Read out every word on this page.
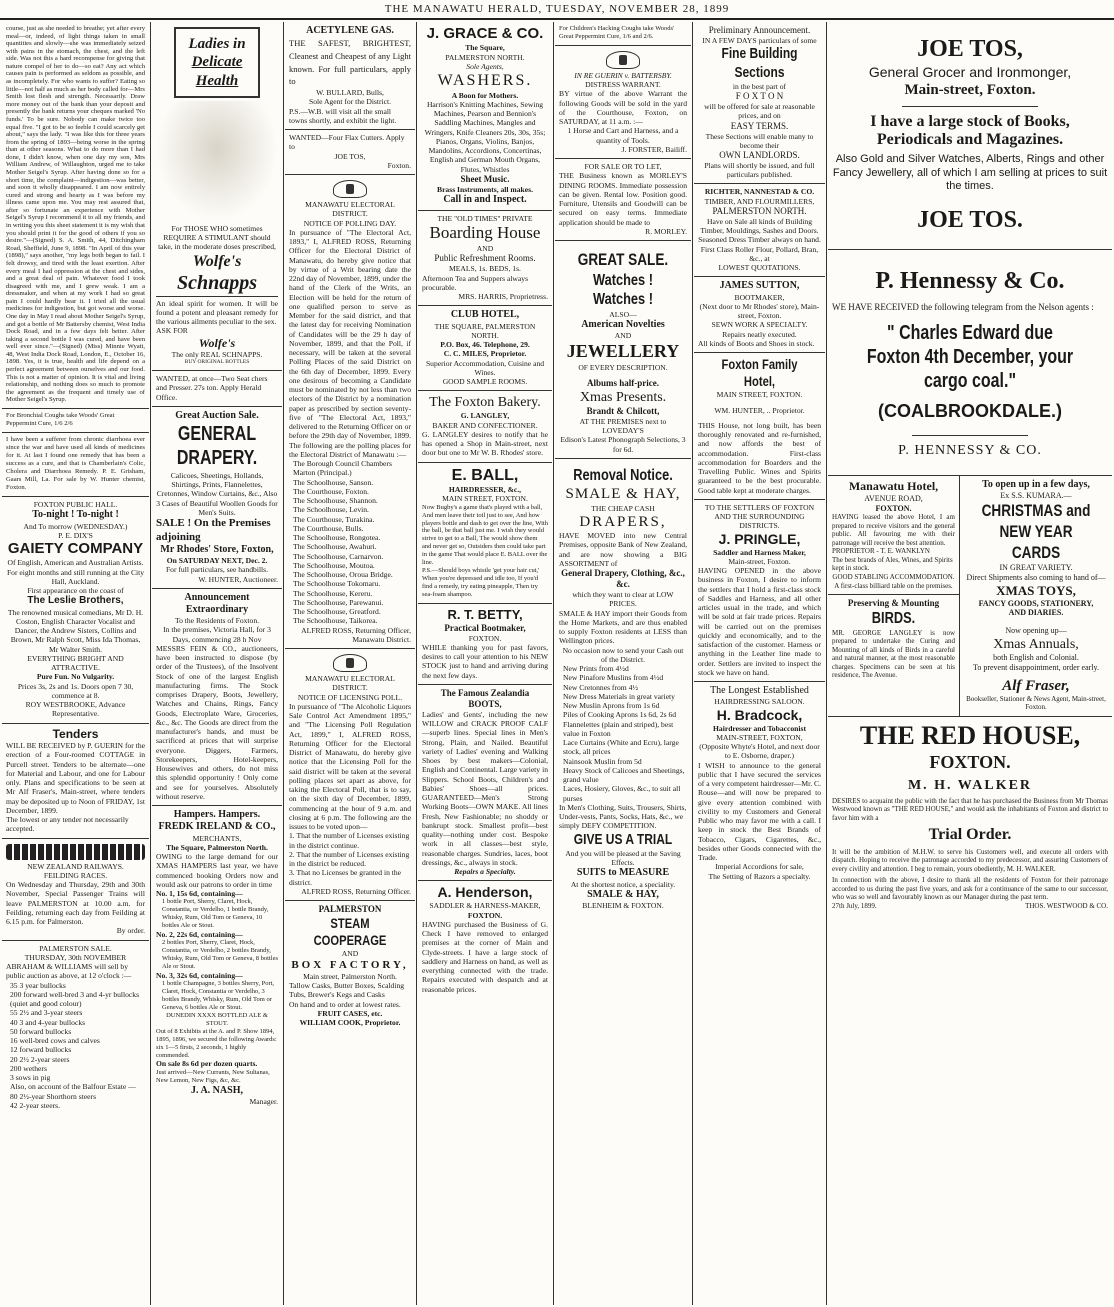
THE MANAWATU HERALD, TUESDAY, NOVEMBER 28, 1899
course, just as she needed to breathe; yet after every meal—or, indeed, of light things taken in small quantities and slowly—she was immediately seized with pains in the stomach, the chest, and the left side. Was not this a hard recompense for giving that nature compel of her to do—so eat? Any act which causes pain is performed as seldom as possible, and as incompletely. For who wants to suffer? Eating so little—not half as much as her body called for—Mrs Smith lost flesh and strength. Necessarily. Draw more money out of the bank than your deposit and presently the bank returns your cheques marked 'No funds.' To be sure. Nobody can make twice too equal five. "I got to be so feeble I could scarcely get about," says the lady. "I was like this for three years from the spring of 1893—being worse in the spring than at other seasons. What to do more than I had done, I didn't know, when one day my son, Mrs William Andrew, of Willaughton, urged me to take Mother Seigel's Syrup. After having done so for a short time, the complaint—indigestion—was better, and soon it wholly disappeared. I am now entirely cured and strong and hearty as I was before my illness came upon me. You may rest assured that, after so fortunate an experience with Mother Seigel's Syrup I recommend it to all my friends, and in writing you this sheet statement it is my wish that you should print it for the good of others if you so desire."—(Signed) S. A. Smith, 44, Ditchingham Road, Sheffield, June 9, 1898. "In April of this year (1898)," says another, "my legs both began to fail. I felt drowsy, and tired with the least exertion. After every meal I had oppression at the chest and sides, and a great deal of pain. Whatever food I took disagreed with me, and I grew weak. I am a dressmaker, and when at my work I had so great pain I could hardly bear it. I tried all the usual medicines for indigestion, but got worse and worse. One day in May I read about Mother Seigel's Syrup, and got a bottle of Mr Battersby chemist, West India Dock Road, and in a few days felt better. After taking a second bottle I was cured, and have been well ever since."—(Signed) (Miss) Minnie Wyatt, 48, West India Dock Road, London, E., October 16, 1898. Yes, it is true, health and life depend on a perfect agreement between ourselves and our food. This is not a matter of opinion. It is vital and living relationship, and nothing does so much to promote the agreement as the frequent and timely use of Mother Seigel's Syrup.
For Bronchial Coughs take Woods' Great Peppermint Cure, 1/6 2/6
I have been a sufferer from chronic diarrhoea ever since the war and have used all kinds of medicines for it. At last I found one remedy that has been a success as a cure, and that is Chamberlain's Colic, Cholera and Diarrhoea Remedy. P. E. Grisham, Gaars Mill, La. For sale by W. Hunter chemist, Foxton.
FOXTON PUBLIC HALL.
To-night ! To-night !
And To morrow (WEDNESDAY.)
P. E. DIX'S
GAIETY COMPANY
Of English, American and Australian Artists.
For eight months and still running at the City Hall, Auckland.
First appearance on the coast of
The Leslie Brothers,
The renowned musical comedians, Mr D. H. Coston, English Character Vocalist and Dancer, the Andrew Sisters, Collins and Brown, Mr Ralph Scott, Miss Ida Thomas, Mr Walter Smith.
EVERYTHING BRIGHT AND ATTRACTIVE.
Pure Fun. No Vulgarity.
Prices 3s, 2s and 1s. Doors open 7 30, commence at 8.
ROY WESTBROOKE, Advance Representative.
Tenders
WILL BE RECEIVED by P. GUERIN for the erection of a Four-roomed COTTAGE in Purcell street. Tenders to be alternate—one for Material and Labour, and one for Labour only. Plans and specifications to be seen at Mr Alf Fraser's, Main-street, where tenders may be deposited up to Noon of FRIDAY, 1st December, 1899.
The lowest or any tender not necessarily accepted.
NEW ZEALAND RAILWAYS.
FEILDING RACES.
On Wednesday and Thursday, 29th and 30th November, Special Passenger Trains will leave PALMERSTON at 10.00 a.m. for Feilding, returning each day from Feilding at 6.15 p.m. for Palmerston.
By order.
PALMERSTON SALE.
THURSDAY, 30th NOVEMBER
ABRAHAM & WILLIAMS will sell by public auction as above, at 12 o'clock :—
35 3 year bullocks
200 forward well-bred 3 and 4-yr bullocks (quiet and good colour)
55 2½ and 3-year steers
40 3 and 4-year bullocks
50 forward bullocks
16 well-bred cows and calves
12 forward bullocks
20 2½ 2-year steers
200 wethers
3 sows in pig
Also, on account of the Balfour Estate —
80 2½-year Shorthorn steers
42 2-year steers.
Ladies in
Delicate Health
For THOSE WHO sometimes REQUIRE A STIMULANT should take, in the moderate doses prescribed,
Wolfe's
Schnapps
An ideal spirit for women. It will be found a potent and pleasant remedy for the various ailments peculiar to the sex.
ASK FOR
Wolfe's
The only REAL SCHNAPPS.
BUY ORIGINAL BOTTLES
WANTED, at once—Two Seat chers and Presser. 27s ton. Apply Herald Office.
Great Auction Sale.
GENERAL DRAPERY.
Calicoes, Sheetings, Hollands, Shirtings, Prints, Flannelettes, Cretonnes, Window Curtains, &c., Also 3 Cases of Beautiful Woollen Goods for Men's Suits.
SALE ! On the Premises adjoining
Mr Rhodes' Store, Foxton,
On SATURDAY NEXT, Dec. 2.
For full particulars, see handbills.
W. HUNTER, Auctioneer.
Announcement Extraordinary
To the Residents of Foxton.
In the premises, Victoria Hall, for 3 Days, commencing 28 h Nov
MESSRS FEIN & CO., auctioneers, have been instructed to dispose (by order of the Trustees), of the Insolvent Stock of one of the largest English manufacturing firms. The Stock comprises Drapery, Boots, Jewellery, Watches and Chains, Rings, Fancy Goods, Electroplate Ware, Groceries, &c., &c. The Goods are direct from the manufacturer's hands, and must be sacrificed at prices that will surprise everyone. Diggers, Farmers, Storekeepers, Hotel-keepers, Housewives and others, do not miss this splendid opportunity ! Only come and see for yourselves. Absolutely without reserve.
Hampers. Hampers.
FREDK IRELAND & CO.,
MERCHANTS,
The Square, Palmerston North.
OWING to the large demand for our XMAS HAMPERS last year, we have commenced booking Orders now and would ask our patrons to order in time
No. 1, 15s 6d, containing—
1 bottle Port, Sherry, Claret, Hock, Constantia, or Verdelho, 1 bottle Brandy, Whisky, Rum, Old Tom or Geneva, 10 bottles Ale or Stout.
No. 2, 22s 6d, containing—
2 bottles Port, Sherry, Claret, Hock, Constantia, or Verdelho, 2 bottles Brandy, Whisky, Rum, Old Tom or Geneva, 8 bottles Ale or Stout.
No. 3, 32s 6d, containing—
1 bottle Champagne, 3 bottles Sherry, Port, Claret, Hock, Constantia or Verdelho, 3 bottles Brandy, Whisky, Rum, Old Tom or Geneva, 6 bottles Ale or Stout.
DUNEDIN XXXX BOTTLED ALE & STOUT.
Out of 8 Exhibits at the A. and P. Show 1894, 1895, 1896, we secured the following Awards: six 1—5 firsts, 2 seconds, 1 highly commended.
On sale 8s 6d per dozen quarts.
Just arrived—New Currants, New Sultanas, New Lemon, New Figs, &c, &c.
J. A. NASH,
Manager.
ACETYLENE GAS.
THE SAFEST, BRIGHTEST, Cleanest and Cheapest of any Light known. For full particulars, apply to
W. BULLARD, Bulls,
Sole Agent for the District.
P.S.—W.B. will visit all the small towns shortly, and exhibit the light.
WANTED—Four Flax Cutters. Apply to
JOE TOS,
Foxton.
MANAWATU ELECTORAL DISTRICT.
NOTICE OF POLLING DAY.
In pursuance of "The Electoral Act, 1893," I, ALFRED ROSS, Returning Officer for the Electoral District of Manawatu, do hereby give notice that by virtue of a Writ bearing date the 22nd day of November, 1899, under the hand of the Clerk of the Writs, an Election will be held for the return of one qualified person to serve as Member for the said district, and that the latest day for receiving Nomination of Candidates will be the 29 h day of November, 1899, and that the Poll, if necessary, will be taken at the several Polling Places of the said District on the 6th day of December, 1899. Every one desirous of becoming a Candidate must be nominated by not less than two electors of the District by a nomination paper as prescribed by section seventy-five of "The Electoral Act, 1893," delivered to the Returning Officer on or before the 29th day of November, 1899. The following are the polling places for the Electoral District of Manawatu :—
The Borough Council Chambers Marton (Principal.)
The Schoolhouse, Sanson.
The Courthouse, Foxton.
The Schoolhouse, Shannon.
The Schoolhouse, Levin.
The Courthouse, Turakina.
The Courthouse, Bulls.
The Schoolhouse, Rongotea.
The Schoolhouse, Awahuri.
The Schoolhouse, Carnarvon.
The Schoolhouse, Moutoa.
The Schoolhouse, Oroua Bridge.
The Schoolhouse Tokomaru.
The Schoolhouse, Kereru.
The Schoolhouse, Parewanui.
The Schoolhouse, Greatford.
The Schoolhouse, Taikorea.
ALFRED ROSS, Returning Officer, Manawatu District.
MANAWATU ELECTORAL DISTRICT.
NOTICE OF LICENSING POLL.
In pursuance of "The Alcoholic Liquors Sale Control Act Amendment 1895," and "The Licensing Poll Regulation Act, 1899," I, ALFRED ROSS, Returning Officer for the Electoral District of Manawatu, do hereby give notice that the Licensing Poll for the said district will be taken at the several polling places set apart as above, for taking the Electoral Poll, that is to say, on the sixth day of December, 1899, commencing at the hour of 9 a.m. and closing at 6 p.m. The following are the issues to be voted upon—
1. That the number of Licenses existing in the district continue.
2. That the number of Licenses existing in the district be reduced.
3. That no Licenses be granted in the district.
ALFRED ROSS, Returning Officer.
PALMERSTON
STEAM COOPERAGE
AND
BOX FACTORY,
Main street, Palmerston North.
Tallow Casks, Butter Boxes, Scalding Tubs, Brewer's Kegs and Casks
On hand and to order at lowest rates.
FRUIT CASES, etc.
WILLIAM COOK, Proprietor.
J. GRACE & CO.
The Square,
PALMERSTON NORTH.
Sole Agents,
WASHERS.
A Boon for Mothers.
Harrison's Knitting Machines, Sewing Machines, Pearson and Bennion's Saddling Machines, Mangles and Wringers, Knife Cleaners 20s, 30s, 35s; Pianos, Organs, Violins, Banjos, Mandolins, Accordions, Concertinas, English and German Mouth Organs, Flutes, Whistles
Sheet Music.
Brass Instruments, all makes.
Call in and Inspect.
THE "OLD TIMES" PRIVATE
Boarding House
AND
Public Refreshment Rooms.
MEALS, 1s. BEDS, 1s.
Afternoon Tea and Suppers always procurable.
MRS. HARRIS, Proprietress.
CLUB HOTEL,
THE SQUARE, PALMERSTON NORTH.
P.O. Box, 46. Telephone, 29.
C. C. MILES, Proprietor.
Superior Accommodation, Cuisine and Wines.
GOOD SAMPLE ROOMS.
The Foxton Bakery.
G. LANGLEY,
BAKER AND CONFECTIONER.
G. LANGLEY desires to notify that he has opened a Shop in Main-street, next door but one to Mr W. B. Rhodes' store.
E. BALL,
HAIRDRESSER, &c.,
MAIN STREET, FOXTON.
Now Bugby's a game that's played with a ball, And men leave their toil just to see, And how players bottle and dash to get over the line, With the ball, be that ball just me. I wish they would strive to get to a Ball, The would show them and never get so, Outsiders then could take part in the game That would place E. BALL over the line.
P.S.—Should boys whistle 'get your hair cut,' When you're depressed and idle too, If you'd find a remedy, try eating pineapple, Then try sea-foam shampoo.
R. T. BETTY,
Practical Bootmaker,
FOXTON.
WHILE thanking you for past favors, desires to call your attention to his NEW STOCK just to hand and arriving during the next few days.
The Famous Zealandia
BOOTS,
Ladies' and Gents', including the new WILLOW and CRACK PROOF CALF—superb lines. Special lines in Men's Strong, Plain, and Nailed. Beautiful variety of Ladies' evening and Walking Shoes by best makers—Colonial, English and Continental. Large variety in Slippers. School Boots, Children's and Babies' Shoes—all prices. GUARANTEED—Men's Strong Working Boots—OWN MAKE. All lines Fresh, New Fashionable; no shoddy or bankrupt stock. Smallest profit—best quality—nothing under cost. Bespoke work in all classes—best style, reasonable charges. Sundries, laces, boot dressings, &c., always in stock.
Repairs a Specialty.
A. Henderson,
SADDLER & HARNESS-MAKER,
FOXTON.
HAVING purchased the Business of G. Check I have removed to enlarged premises at the corner of Main and Clyde-streets. I have a large stock of saddlery and Harness on hand, as well as everything connected with the trade. Repairs executed with despatch and at reasonable prices.
For Children's Hacking Coughs take Woods' Great Peppermint Cure, 1/6 and 2/6.
IN RE GUERIN v. BATTERSBY.
DISTRESS WARRANT.
BY virtue of the above Warrant the following Goods will be sold in the yard of the Courthouse, Foxton, on SATURDAY, at 11 a.m. :—
1 Horse and Cart and Harness, and a quantity of Tools.
J. FORSTER, Bailiff.
FOR SALE OR TO LET,
THE Business known as MORLEY'S DINING ROOMS. Immediate possession can be given. Rental low. Position good. Furniture, Utensils and Goodwill can be secured on easy terms. Immediate application should be made to
R. MORLEY.
GREAT SALE.
Watches ! Watches !
ALSO—
American Novelties
AND
JEWELLERY
OF EVERY DESCRIPTION.
Albums half-price.
Xmas Presents.
Brandt & Chilcott,
AT THE PREMISES next to
LOVEDAY'S
Edison's Latest Phonograph Selections, 3 for 6d.
Removal Notice.
SMALE & HAY,
THE CHEAP CASH
DRAPERS,
HAVE MOVED into new Central Premises, opposite Bank of New Zealand, and are now showing a BIG ASSORTMENT of
General Drapery, Clothing, &c., &c.
which they want to clear at LOW PRICES.
SMALE & HAY import their Goods from the Home Markets, and are thus enabled to supply Foxton residents at LESS than Wellington prices.
No occasion now to send your Cash out of the District.
New Prints from 4½d
New Pinafore Muslins from 4½d
New Cretonnes from 4½
New Dress Materials in great variety
New Muslin Aprons from 1s 6d
Piles of Cooking Aprons 1s 6d, 2s 6d
Flannelettes (plain and striped), best value in Foxton
Lace Curtains (White and Ecru), large stock, all prices
Nainsook Muslin from 5d
Heavy Stock of Calicoes and Sheetings, grand value
Laces, Hosiery, Gloves, &c., to suit all purses
In Men's Clothing, Suits, Trousers, Shirts, Under-vests, Pants, Socks, Hats, &c., we simply DEFY COMPETITION.
GIVE US A TRIAL
And you will be pleased at the Saving Effects.
SUITS to MEASURE
At the shortest notice, a speciality.
SMALE & HAY,
BLENHEIM & FOXTON.
Preliminary Announcement.
IN A FEW DAYS particulars of some
Fine Building Sections
in the best part of
F O X T O N
will be offered for sale at reasonable prices, and on
EASY TERMS.
These Sections will enable many to become their
OWN LANDLORDS.
Plans will shortly be issued, and full particulars published.
RICHTER, NANNESTAD & CO.
TIMBER, AND FLOURMILLERS,
PALMERSTON NORTH.
Have on Sale all kinds of Building Timber, Mouldings, Sashes and Doors. Seasoned Dress Timber always on hand. First Class Roller Flour, Pollard, Bran, &c., at
LOWEST QUOTATIONS.
JAMES SUTTON,
BOOTMAKER,
(Next door to Mr Rhodes' store), Main-street, Foxton.
SEWN WORK A SPECIALTY.
Repairs neatly executed.
All kinds of Boots and Shoes in stock.
Foxton Family Hotel,
MAIN STREET, FOXTON.
WM. HUNTER, .. Proprietor.
THIS House, not long built, has been thoroughly renovated and re-furnished, and now affords the best of accommodation. First-class accommodation for Boarders and the Travelling Public. Wines and Spirits guaranteed to be the best procurable. Good table kept at moderate charges.
TO THE SETTLERS OF FOXTON AND THE SURROUNDING DISTRICTS.
J. PRINGLE,
Saddler and Harness Maker,
Main-street, Foxton.
HAVING OPENED in the above business in Foxton, I desire to inform the settlers that I hold a first-class stock of Saddles and Harness, and all other articles usual in the trade, and which will be sold at fair trade prices. Repairs will be carried out on the premises quickly and economically, and to the satisfaction of the customer. Harness or anything in the Leather line made to order. Settlers are invited to inspect the stock we have on hand.
The Longest Established
HAIRDRESSING SALOON.
H. Bradcock,
Hairdresser and Tobacconist
MAIN-STREET, FOXTON,
(Opposite Whyte's Hotel, and next door to E. Osborne, draper.)
I WISH to announce to the general public that I have secured the services of a very competent hairdresser—Mr. C. Rouse—and will now be prepared to give every attention combined with civility to my Customers and General Public who may favor me with a call. I keep in stock the Best Brands of Tobacco, Cigars, Cigarettes, &c., besides other Goods connected with the Trade.
Imperial Accordions for sale,
The Setting of Razors a specialty.
JOE TOS,
General Grocer and Ironmonger,
Main-street, Foxton.
I have a large stock of Books, Periodicals and Magazines.
Also Gold and Silver Watches, Alberts, Rings and other Fancy Jewellery, all of which I am selling at prices to suit the times.
JOE TOS.
P. Hennessy & Co.
WE HAVE RECEIVED the following telegram from the Nelson agents :
" Charles Edward due Foxton 4th December, your cargo coal."
(COALBROOKDALE.)
P. HENNESSY & CO.
Manawatu Hotel,
AVENUE ROAD,
FOXTON.
HAVING leased the above Hotel, I am prepared to receive visitors and the general public. All favouring me with their patronage will receive the best attention.
PROPRIETOR - T. E. WANKLYN
The best brands of Ales, Wines, and Spirits kept in stock.
GOOD STABLING ACCOMMODATION.
A first-class billiard table on the premises.
Preserving & Mounting
BIRDS.
MR. GEORGE LANGLEY is now prepared to undertake the Curing and Mounting of all kinds of Birds in a careful and natural manner, at the most reasonable charges. Specimens can be seen at his residence, The Avenue.
To open up in a few days,
Ex S.S. KUMARA.—
CHRISTMAS and
NEW YEAR CARDS
IN GREAT VARIETY.
Direct Shipments also coming to hand of—
XMAS TOYS,
FANCY GOODS, STATIONERY,
AND DIARIES.
Now opening up—
Xmas Annuals,
both English and Colonial.
To prevent disappointment, order early.
Alf Fraser,
Bookseller, Stationer & News Agent, Main-street, Foxton.
THE RED HOUSE,
FOXTON.
M. H. WALKER
DESIRES to acquaint the public with the fact that he has purchased the Business from Mr Thomas Westwood known as "THE RED HOUSE," and would ask the inhabitants of Foxton and district to favor him with a
Trial Order.
It will be the ambition of M.H.W. to serve his Customers well, and execute all orders with dispatch. Hoping to receive the patronage accorded to my predecessor, and assuring Customers of every civility and attention. I beg to remain, yours obediently, M. H. WALKER.
In connection with the above, I desire to thank all the residents of Foxton for their patronage accorded to us during the past five years, and ask for a continuance of the same to our successor, who was so well and favourably known as our Manager during the past term.
27th July, 1899.	THOS. WESTWOOD & CO.
